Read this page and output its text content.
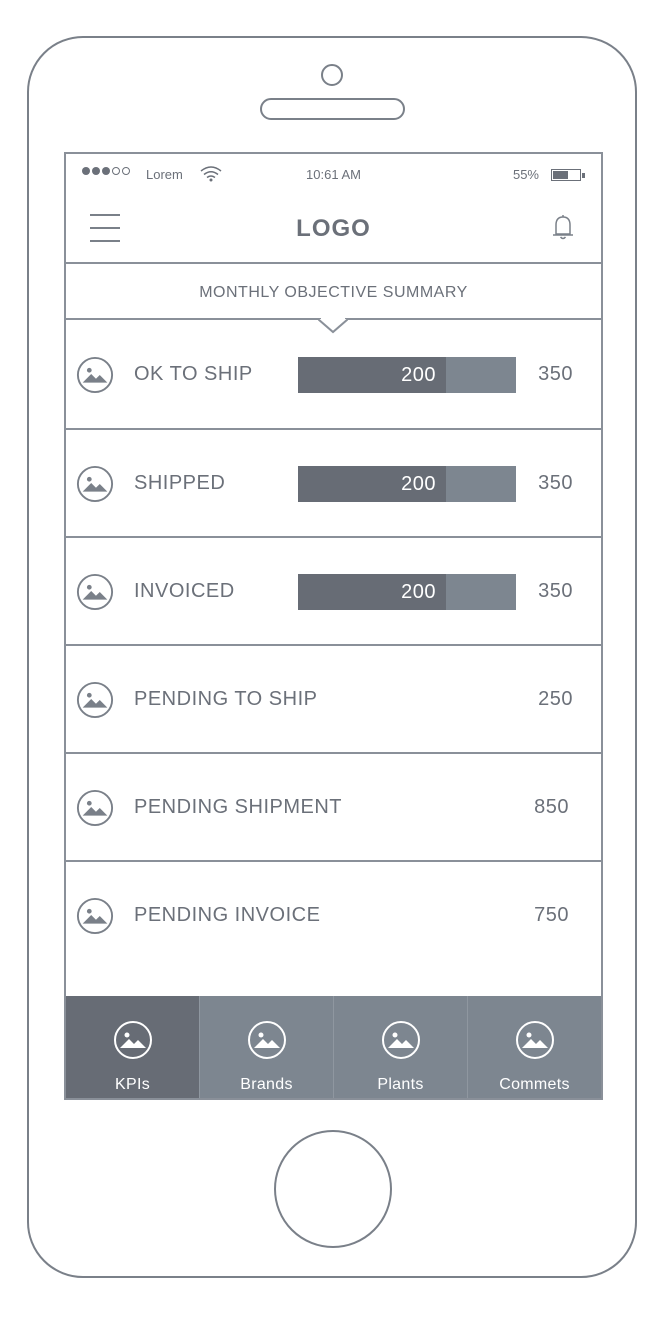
Lorem	10:61 AM	55%
LOGO
MONTHLY OBJECTIVE SUMMARY
OK TO SHIP	200	350
SHIPPED	200	350
INVOICED	200	350
PENDING TO SHIP	250
PENDING SHIPMENT	850
PENDING INVOICE	750
KPIs	Brands	Plants	Commets
